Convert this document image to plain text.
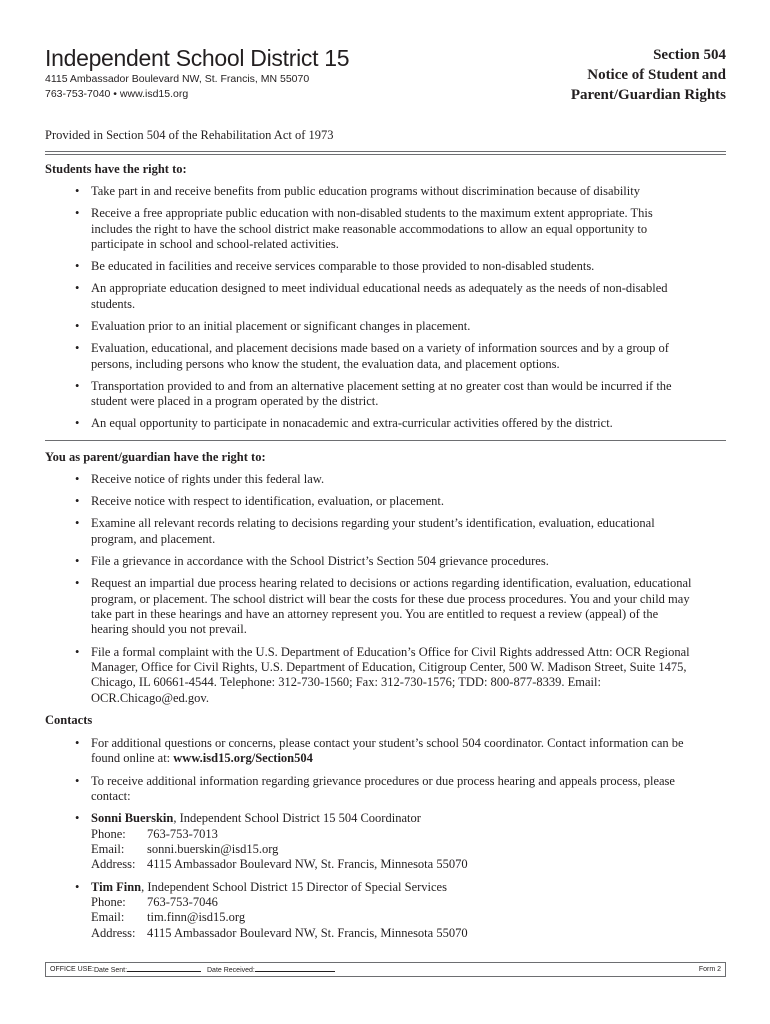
Independent School District 15
4115 Ambassador Boulevard NW, St. Francis, MN 55070
763-753-7040 • www.isd15.org
Section 504
Notice of Student and
Parent/Guardian Rights
Provided in Section 504 of the Rehabilitation Act of 1973
Students have the right to:
• Take part in and receive benefits from public education programs without discrimination because of disability
• Receive a free appropriate public education with non-disabled students to the maximum extent appropriate. This includes the right to have the school district make reasonable accommodations to allow an equal opportunity to participate in school and school-related activities.
• Be educated in facilities and receive services comparable to those provided to non-disabled students.
• An appropriate education designed to meet individual educational needs as adequately as the needs of non-disabled students.
• Evaluation prior to an initial placement or significant changes in placement.
• Evaluation, educational, and placement decisions made based on a variety of information sources and by a group of persons, including persons who know the student, the evaluation data, and placement options.
• Transportation provided to and from an alternative placement setting at no greater cost than would be incurred if the student were placed in a program operated by the district.
• An equal opportunity to participate in nonacademic and extra-curricular activities offered by the district.
You as parent/guardian have the right to:
• Receive notice of rights under this federal law.
• Receive notice with respect to identification, evaluation, or placement.
• Examine all relevant records relating to decisions regarding your student’s identification, evaluation, educational program, and placement.
• File a grievance in accordance with the School District’s Section 504 grievance procedures.
• Request an impartial due process hearing related to decisions or actions regarding identification, evaluation, educational program, or placement. The school district will bear the costs for these due process procedures. You and your child may take part in these hearings and have an attorney represent you. You are entitled to request a review (appeal) of the hearing should you not prevail.
• File a formal complaint with the U.S. Department of Education’s Office for Civil Rights addressed Attn: OCR Regional Manager, Office for Civil Rights, U.S. Department of Education, Citigroup Center, 500 W. Madison Street, Suite 1475, Chicago, IL 60661-4544. Telephone: 312-730-1560; Fax: 312-730-1576; TDD: 800-877-8339. Email: OCR.Chicago@ed.gov.
Contacts
• For additional questions or concerns, please contact your student’s school 504 coordinator. Contact information can be found online at: www.isd15.org/Section504
• To receive additional information regarding grievance procedures or due process hearing and appeals process, please contact:
• Sonni Buerskin, Independent School District 15 504 Coordinator
Phone:	763-753-7013
Email:	sonni.buerskin@isd15.org
Address: 4115 Ambassador Boulevard NW, St. Francis, Minnesota 55070
• Tim Finn, Independent School District 15 Director of Special Services
Phone:	763-753-7046
Email:	tim.finn@isd15.org
Address: 4115 Ambassador Boulevard NW, St. Francis, Minnesota 55070
OFFICE USE: Date Sent:	Date Received:	Form 2
